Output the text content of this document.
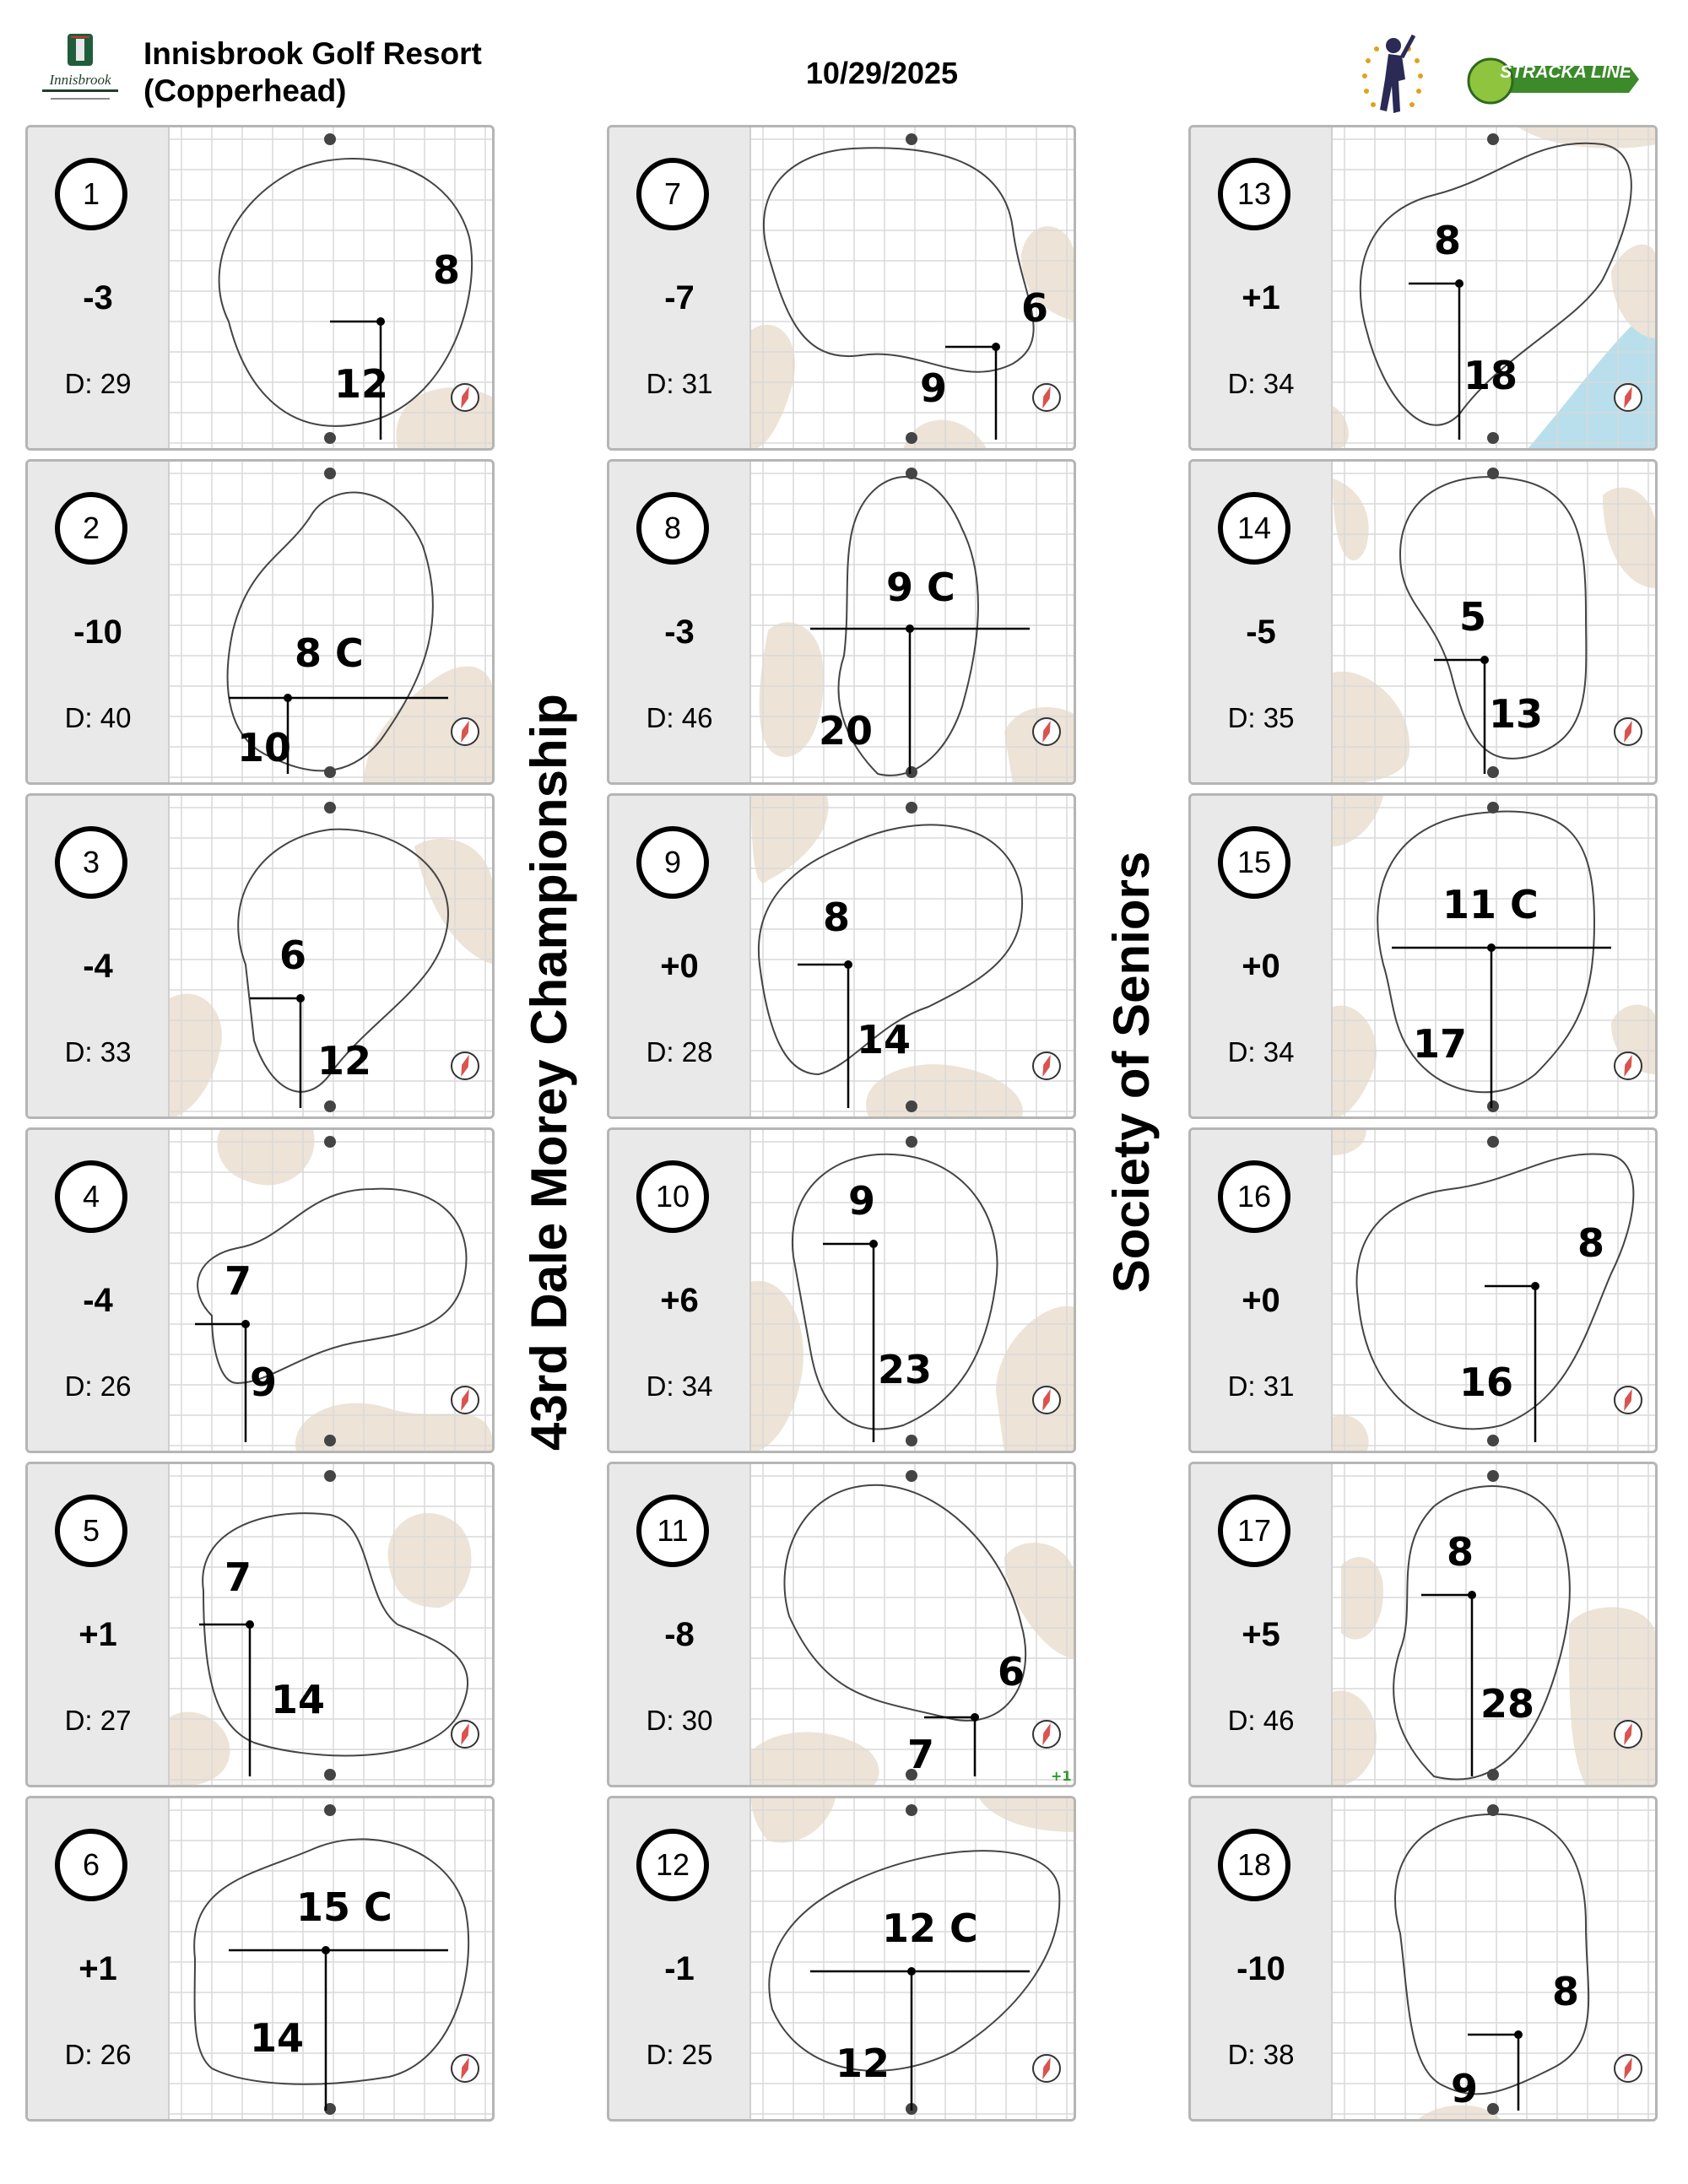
Innisbrook
Innisbrook Golf Resort
(Copperhead)
10/29/2025	STRACKA LINE
43rd Dale Morey Championship	Society of Seniors
1
-3
D: 29
8
12
2
-10
D: 40
8 C
10
3
-4
D: 33
6
12
4
-4
D: 26
7
9
5
+1
D: 27
7
14
6
+1
D: 26
15 C
14
7
-7
D: 31
6
9
8
-3
D: 46
9 C
20
9
+0
D: 28
8
14
10
+6
D: 34
9
23
11
-8
D: 30
6
7	+1
12
-1
D: 25
12 C
12
13
+1
D: 34
8
18
14
-5
D: 35
5
13
15
+0
D: 34
11 C
17
16
+0
D: 31
8
16
17
+5
D: 46
8
28
18
-10
D: 38
8
9
